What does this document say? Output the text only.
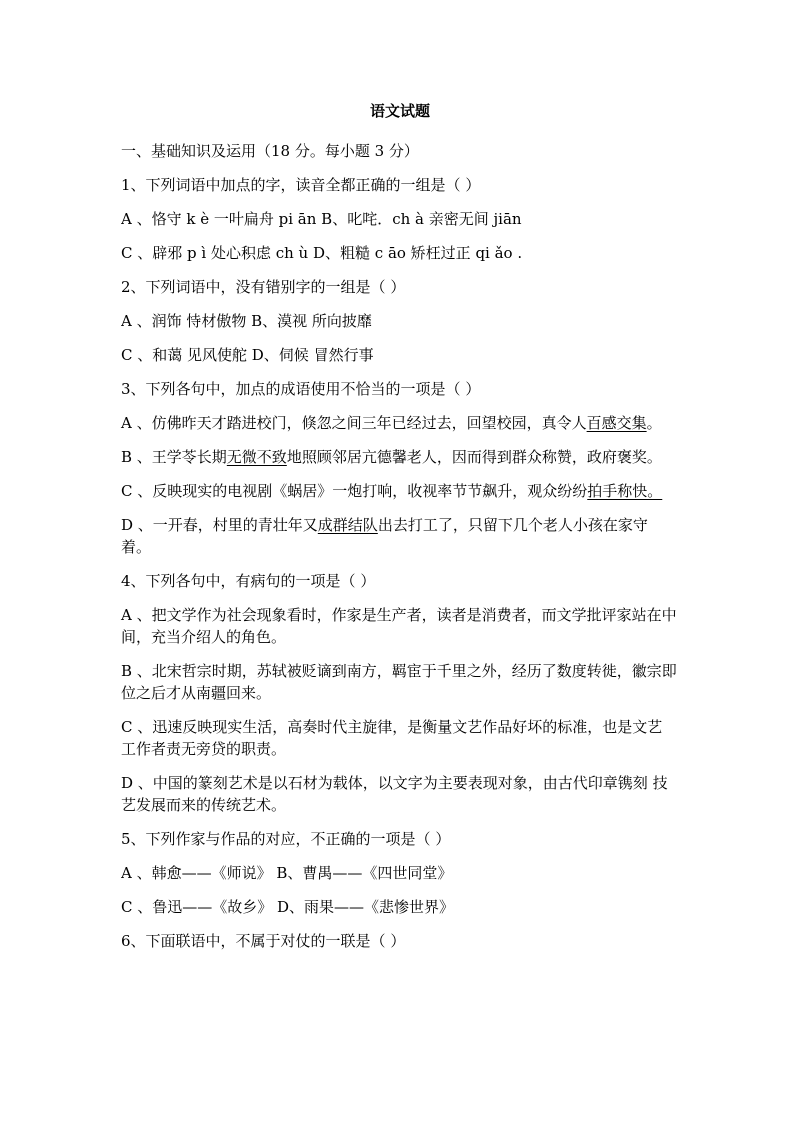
语文试题

一、基础知识及运用（18 分。每小题 3 分）

1、下列词语中加点的字，读音全都正确的一组是（ ）

A 、恪守 k è 一叶扁舟 pi ān B、叱咤．ch à 亲密无间 jiān

C 、辟邪 p ì 处心积虑 ch ù D、粗糙 c āo 矫枉过正 qi ǎo .

2、下列词语中，没有错别字的一组是（ ）

A 、润饰 恃材傲物 B、漠视 所向披靡

C 、和蔼 见风使舵 D、伺候 冒然行事

3、下列各句中，加点的成语使用不恰当的一项是（ ）

A 、仿佛昨天才踏进校门，倏忽之间三年已经过去，回望校园，真令人百感交集。

B 、王学苓长期无微不致地照顾邻居亢德馨老人，因而得到群众称赞，政府褒奖。

C 、反映现实的电视剧《蜗居》一炮打响，收视率节节飙升，观众纷纷拍手称快。

D 、一开春，村里的青壮年又成群结队出去打工了，只留下几个老人小孩在家守着。

4、下列各句中，有病句的一项是（ ）

A 、把文学作为社会现象看时，作家是生产者，读者是消费者，而文学批评家站在中间，充当介绍人的角色。

B 、北宋哲宗时期，苏轼被贬谪到南方，羁宦于千里之外，经历了数度转徙，徽宗即位之后才从南疆回来。

C 、迅速反映现实生活，高奏时代主旋律，是衡量文艺作品好坏的标准，也是文艺工作者责无旁贷的职责。

D 、中国的篆刻艺术是以石材为载体，以文字为主要表现对象，由古代印章镌刻 技艺发展而来的传统艺术。

5、下列作家与作品的对应，不正确的一项是（ ）

A 、韩愈——《师说》 B、曹禺——《四世同堂》

C 、鲁迅——《故乡》 D、雨果——《悲惨世界》

6、下面联语中，不属于对仗的一联是（ ）
